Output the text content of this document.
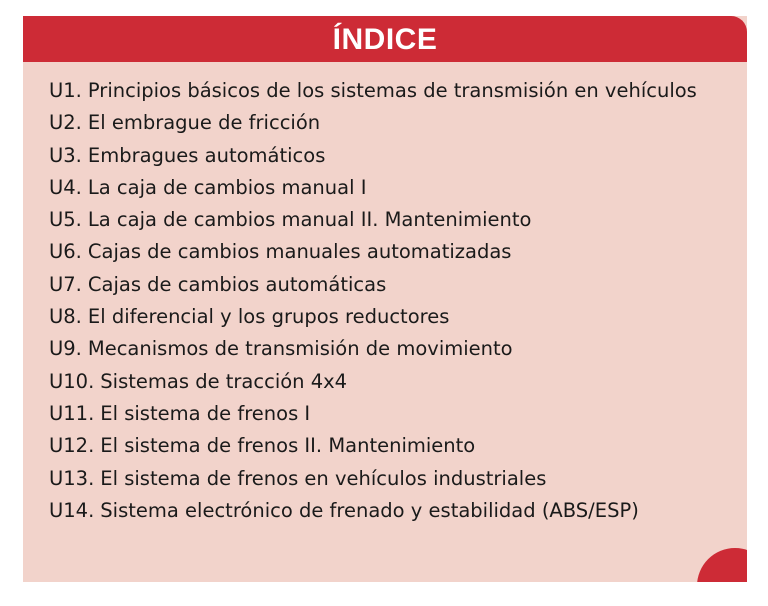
ÍNDICE
U1. Principios básicos de los sistemas de transmisión en vehículos
U2. El embrague de fricción
U3. Embragues automáticos
U4. La caja de cambios manual I
U5. La caja de cambios manual II. Mantenimiento
U6. Cajas de cambios manuales automatizadas
U7. Cajas de cambios automáticas
U8. El diferencial y los grupos reductores
U9. Mecanismos de transmisión de movimiento
U10. Sistemas de tracción 4x4
U11. El sistema de frenos I
U12. El sistema de frenos II. Mantenimiento
U13. El sistema de frenos en vehículos industriales
U14. Sistema electrónico de frenado y estabilidad (ABS/ESP)
